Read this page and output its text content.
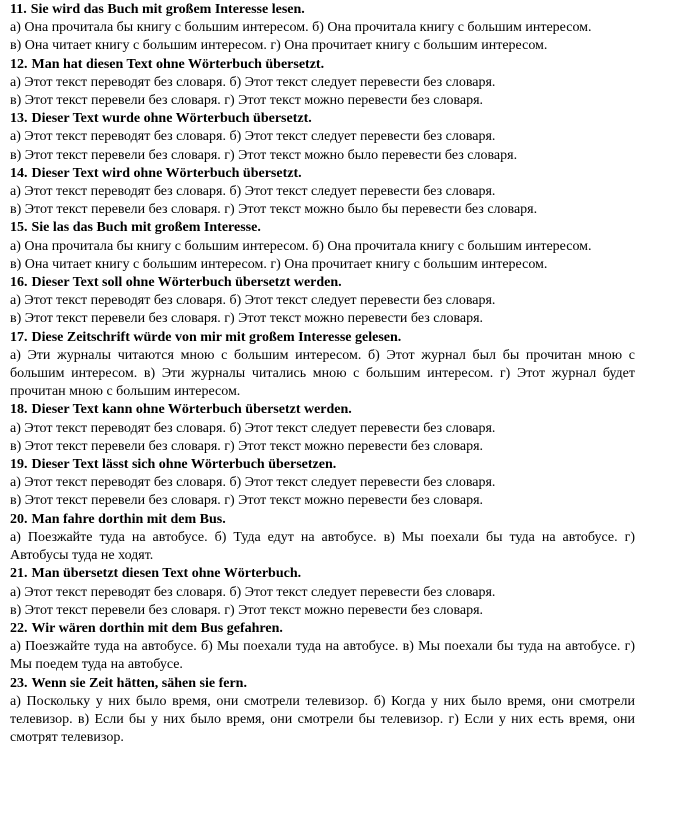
11. Sie wird das Buch mit großem Interesse lesen.

а) Она прочитала бы книгу с большим интересом. б) Она прочитала книгу с большим интересом.

в) Она читает книгу с большим интересом. г) Она прочитает книгу с большим интересом.

12. Man hat diesen Text ohne Wörterbuch übersetzt.

а) Этот текст переводят без словаря. б) Этот текст следует перевести без словаря.

в) Этот текст перевели без словаря. г) Этот текст можно перевести без словаря.

13. Dieser Text wurde ohne Wörterbuch übersetzt.

а) Этот текст переводят без словаря. б) Этот текст следует перевести без словаря.

в) Этот текст перевели без словаря. г) Этот текст можно было перевести без словаря.

14. Dieser Text wird ohne Wörterbuch übersetzt.

а) Этот текст переводят без словаря. б) Этот текст следует перевести без словаря.

в) Этот текст перевели без словаря. г) Этот текст можно было бы перевести без словаря.

15. Sie las das Buch mit großem Interesse.

а) Она прочитала бы книгу с большим интересом. б) Она прочитала книгу с большим интересом.

в) Она читает книгу с большим интересом. г) Она прочитает книгу с большим интересом.

16. Dieser Text soll ohne Wörterbuch übersetzt werden.

а) Этот текст переводят без словаря. б) Этот текст следует перевести без словаря.

в) Этот текст перевели без словаря. г) Этот текст можно перевести без словаря.

17. Diese Zeitschrift würde von mir mit großem Interesse gelesen.

а) Эти журналы читаются мною с большим интересом. б) Этот журнал был бы прочитан мною с большим интересом. в) Эти журналы читались мною с большим интересом. г) Этот журнал будет прочитан мною с большим интересом.

18. Dieser Text kann ohne Wörterbuch übersetzt werden.

а) Этот текст переводят без словаря. б) Этот текст следует перевести без словаря.

в) Этот текст перевели без словаря. г) Этот текст можно перевести без словаря.

19. Dieser Text lässt sich ohne Wörterbuch übersetzen.

а) Этот текст переводят без словаря. б) Этот текст следует перевести без словаря.

в) Этот текст перевели без словаря. г) Этот текст можно перевести без словаря.

20. Man fahre dorthin mit dem Bus.

а) Поезжайте туда на автобусе. б) Туда едут на автобусе. в) Мы поехали бы туда на автобусе. г) Автобусы туда не ходят.

21. Man übersetzt diesen Text ohne Wörterbuch.

а) Этот текст переводят без словаря. б) Этот текст следует перевести без словаря.

в) Этот текст перевели без словаря. г) Этот текст можно перевести без словаря.

22. Wir wären dorthin mit dem Bus gefahren.

а) Поезжайте туда на автобусе. б) Мы поехали туда на автобусе. в) Мы поехали бы туда на автобусе. г) Мы поедем туда на автобусе.

23. Wenn sie Zeit hätten, sähen sie fern.

а) Поскольку у них было время, они смотрели телевизор. б) Когда у них было время, они смотрели телевизор. в) Если бы у них было время, они смотрели бы телевизор. г) Если у них есть время, они смотрят телевизор.
